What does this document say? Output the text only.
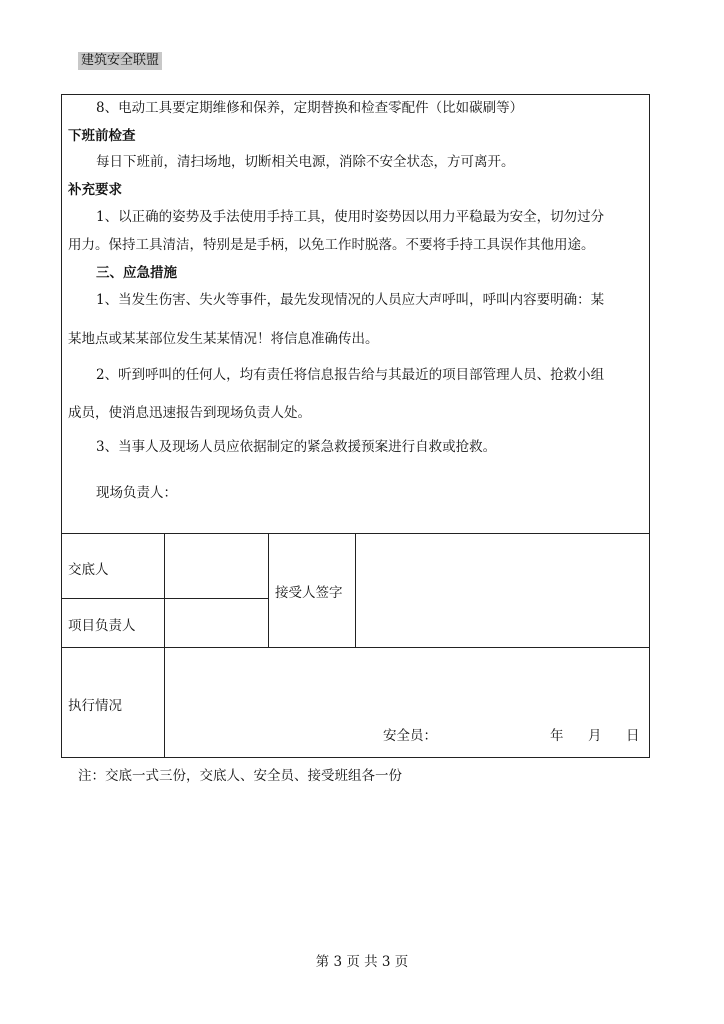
建筑安全联盟
8、电动工具要定期维修和保养，定期替换和检查零配件（比如碳刷等）
下班前检查
每日下班前，清扫场地，切断相关电源，消除不安全状态，方可离开。
补充要求
1、以正确的姿势及手法使用手持工具，使用时姿势因以用力平稳最为安全，切勿过分
用力。保持工具清洁，特别是是手柄，以免工作时脱落。不要将手持工具误作其他用途。
三、应急措施
1、当发生伤害、失火等事件，最先发现情况的人员应大声呼叫，呼叫内容要明确：某
某地点或某某部位发生某某情况！将信息准确传出。
2、听到呼叫的任何人，均有责任将信息报告给与其最近的项目部管理人员、抢救小组
成员，使消息迅速报告到现场负责人处。
3、当事人及现场人员应依据制定的紧急救援预案进行自救或抢救。
现场负责人：
交底人
接受人签字
项目负责人
执行情况
安全员：	年 月 日
注：交底一式三份，交底人、安全员、接受班组各一份
第 3 页 共 3 页
